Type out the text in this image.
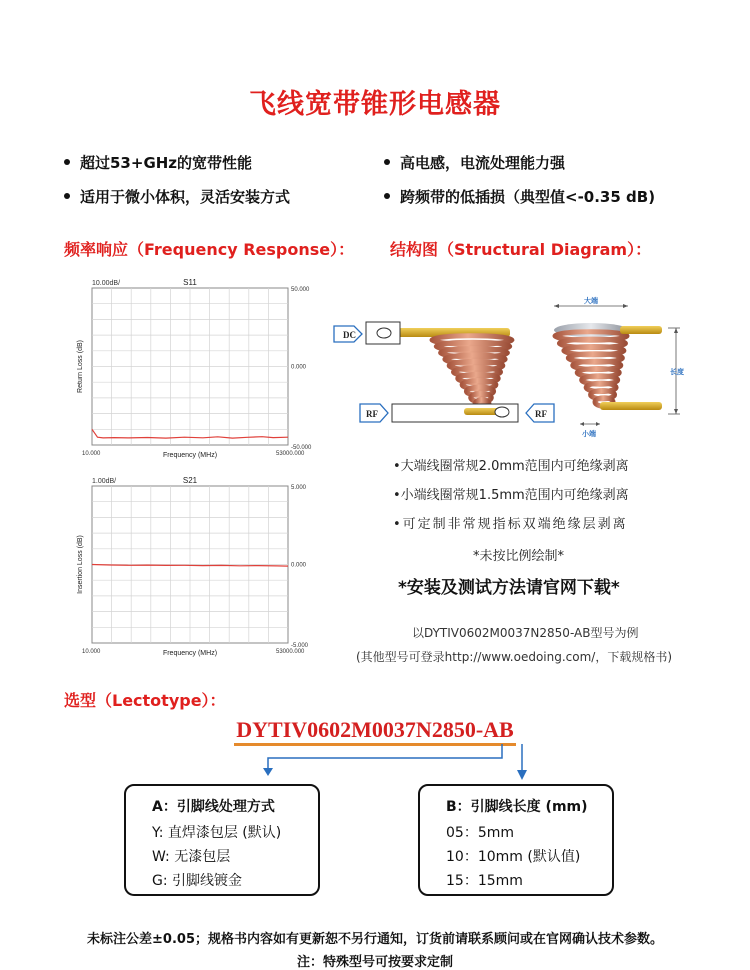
飞线宽带锥形电感器
超过53+GHz的宽带性能	高电感，电流处理能力强
适用于微小体积，灵活安装方式	跨频带的低插损（典型值<-0.35 dB)
频率响应（Frequency Response）： 结构图（Structural Diagram）：
10.00dB/	S11
50.000
0.000
-50.000
10.000	53000.000
Frequency (MHz)
Return Loss (dB)
1.00dB/	S21
5.000
0.000
-5.000
10.000	53000.000
Frequency (MHz)
Insertion Loss (dB)
DC
RF	RF
大端
长度
小端
•大端线圈常规2.0mm范围内可绝缘剥离
•小端线圈常规1.5mm范围内可绝缘剥离
•可定制非常规指标双端绝缘层剥离
*未按比例绘制*
*安装及测试方法请官网下载*
以DYTIV0602M0037N2850-AB型号为例
(其他型号可登录http://www.oedoing.com/，下载规格书)
选型（Lectotype）：
DYTIV0602M0037N2850-AB
A：引脚线处理方式
Y: 直焊漆包层 (默认)
W: 无漆包层
G: 引脚线镀金
B：引脚线长度 (mm)
05：5mm
10：10mm (默认值)
15：15mm
未标注公差±0.05；规格书内容如有更新恕不另行通知，订货前请联系顾问或在官网确认技术参数。
注：特殊型号可按要求定制
